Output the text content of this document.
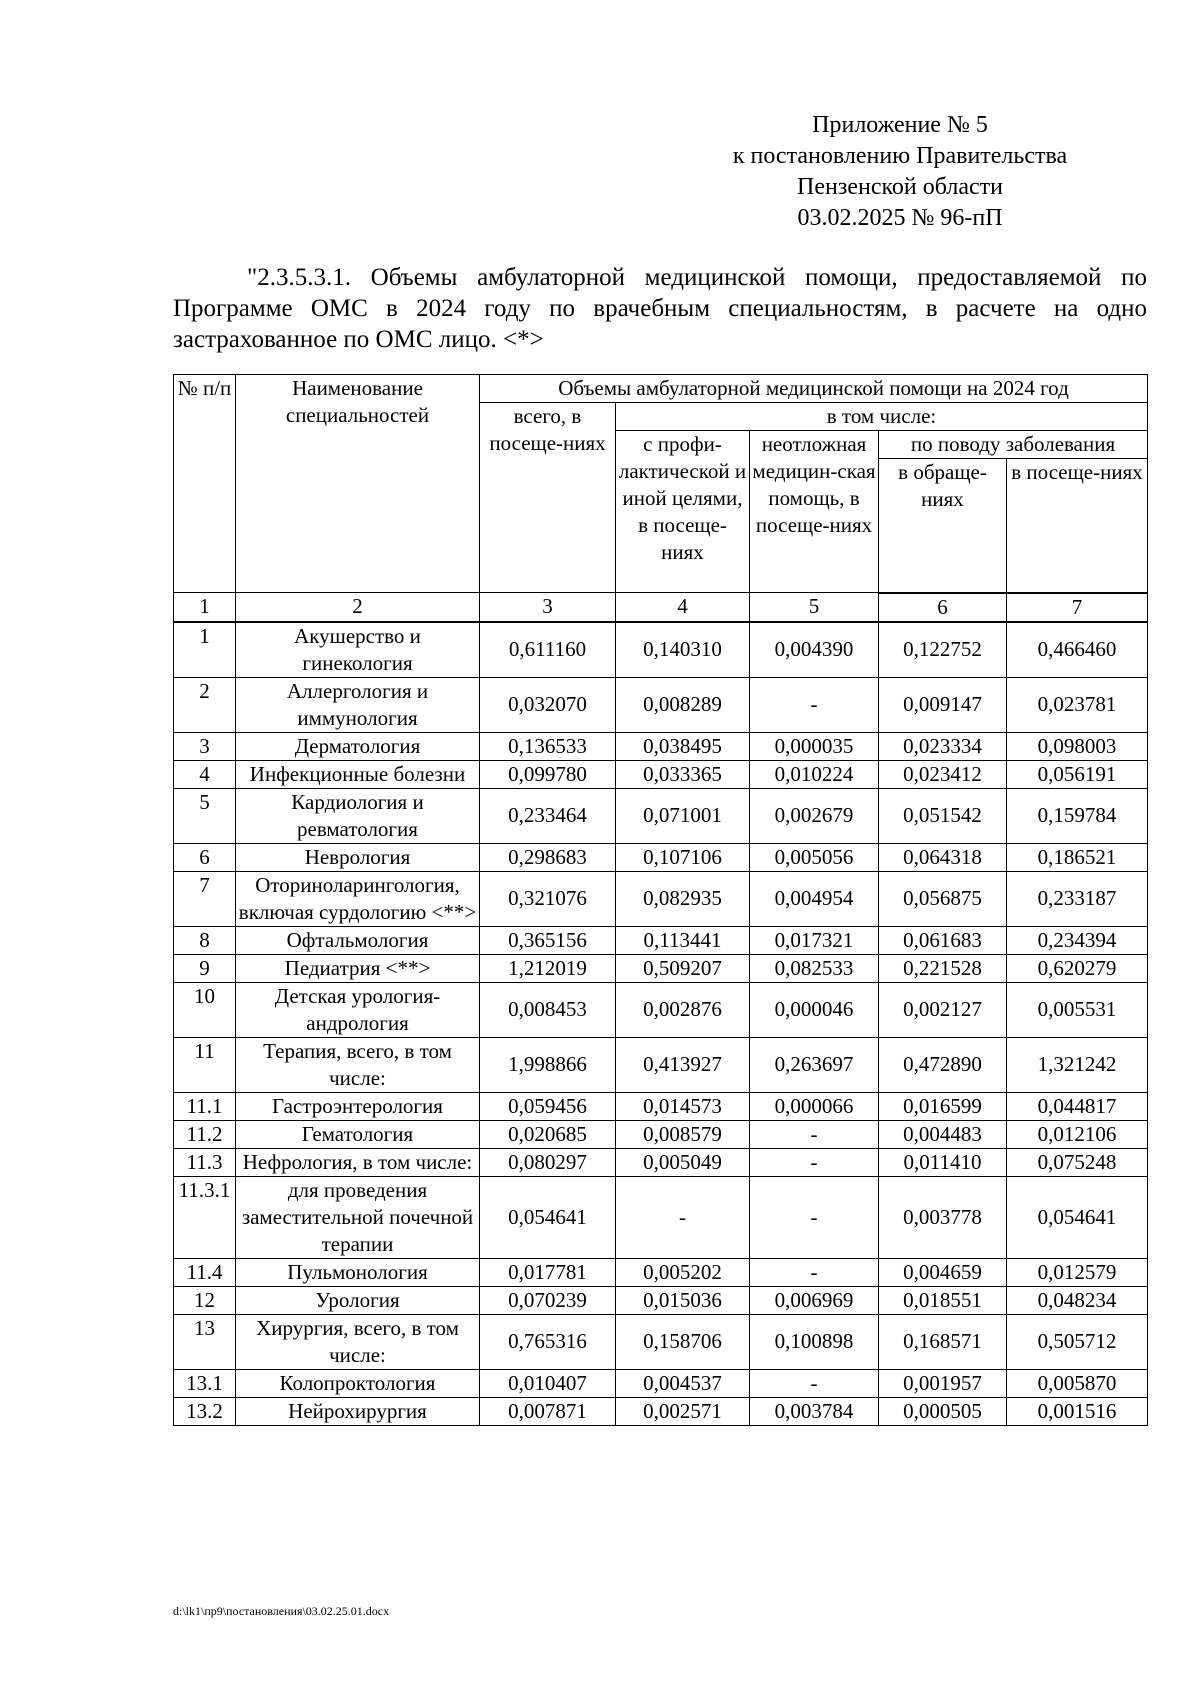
Приложение № 5
к постановлению Правительства
Пензенской области
03.02.2025 № 96-пП

"2.3.5.3.1. Объемы амбулаторной медицинской помощи, предоставляемой по Программе ОМС в 2024 году по врачебным специальностям, в расчете на одно застрахованное по ОМС лицо. <*>

№ п/п	Наименование специальностей	Объемы амбулаторной медицинской помощи на 2024 год				
		всего, в посеще-ниях	в том числе:			
			с профи-лактической и иной целями, в посеще-ниях	неотложная медицин-ская помощь, в посеще-ниях	по поводу заболевания	
					в обраще-ниях	в посеще-ниях
1	2	3	4	5	6	7
1	Акушерство и гинекология	0,611160	0,140310	0,004390	0,122752	0,466460
2	Аллергология и иммунология	0,032070	0,008289	-	0,009147	0,023781
3	Дерматология	0,136533	0,038495	0,000035	0,023334	0,098003
4	Инфекционные болезни	0,099780	0,033365	0,010224	0,023412	0,056191
5	Кардиология и ревматология	0,233464	0,071001	0,002679	0,051542	0,159784
6	Неврология	0,298683	0,107106	0,005056	0,064318	0,186521
7	Оториноларингология, включая сурдологию <**>	0,321076	0,082935	0,004954	0,056875	0,233187
8	Офтальмология	0,365156	0,113441	0,017321	0,061683	0,234394
9	Педиатрия <**>	1,212019	0,509207	0,082533	0,221528	0,620279
10	Детская урология-андрология	0,008453	0,002876	0,000046	0,002127	0,005531
11	Терапия, всего, в том числе:	1,998866	0,413927	0,263697	0,472890	1,321242
11.1	Гастроэнтерология	0,059456	0,014573	0,000066	0,016599	0,044817
11.2	Гематология	0,020685	0,008579	-	0,004483	0,012106
11.3	Нефрология, в том числе:	0,080297	0,005049	-	0,011410	0,075248
11.3.1	для проведения заместительной почечной терапии	0,054641	-	-	0,003778	0,054641
11.4	Пульмонология	0,017781	0,005202	-	0,004659	0,012579
12	Урология	0,070239	0,015036	0,006969	0,018551	0,048234
13	Хирургия, всего, в том числе:	0,765316	0,158706	0,100898	0,168571	0,505712
13.1	Колопроктология	0,010407	0,004537	-	0,001957	0,005870
13.2	Нейрохирургия	0,007871	0,002571	0,003784	0,000505	0,001516
d:\lk1\пр9\постановления\03.02.25.01.docx
